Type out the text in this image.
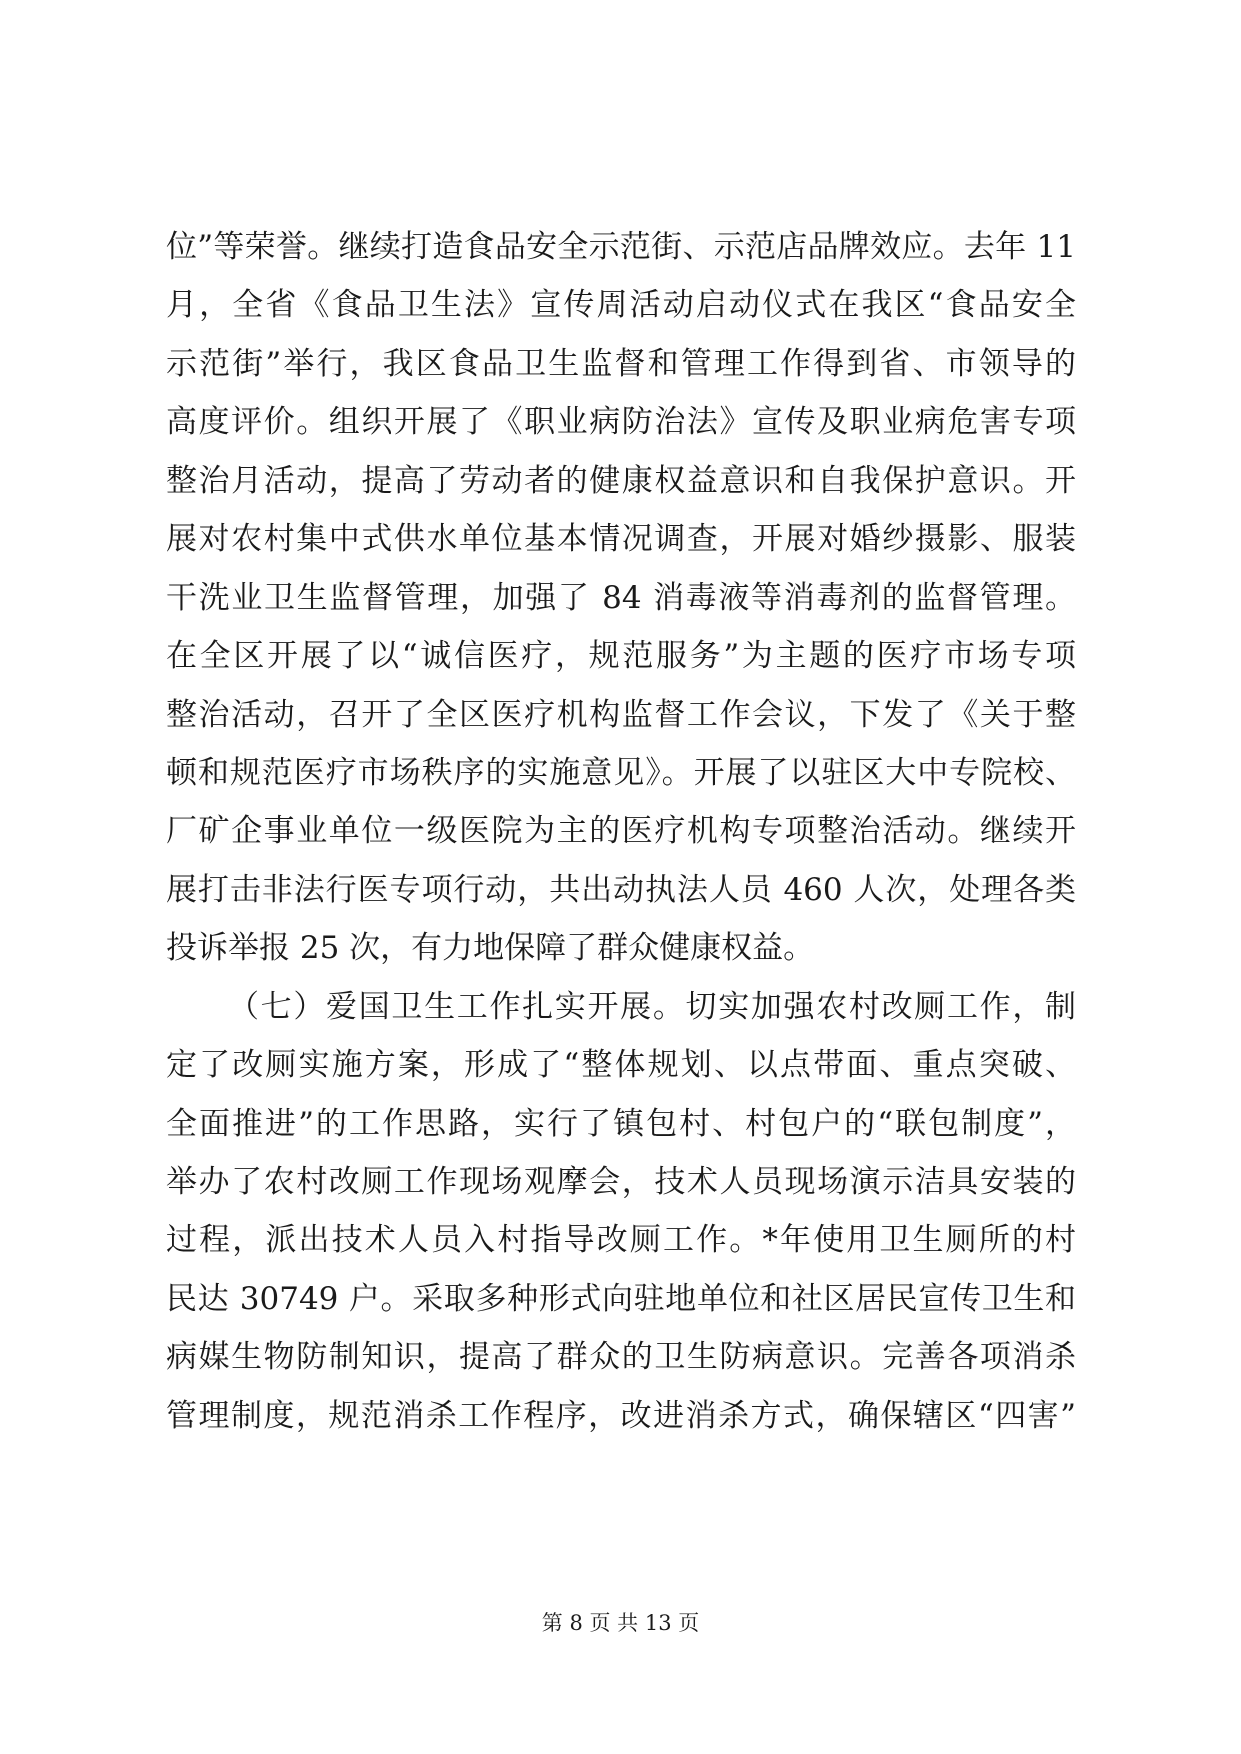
位”等荣誉。继续打造食品安全示范街、示范店品牌效应。去年 11
月，全省《食品卫生法》宣传周活动启动仪式在我区“食品安全
示范街”举行，我区食品卫生监督和管理工作得到省、市领导的
高度评价。组织开展了《职业病防治法》宣传及职业病危害专项
整治月活动，提高了劳动者的健康权益意识和自我保护意识。开
展对农村集中式供水单位基本情况调查，开展对婚纱摄影、服装
干洗业卫生监督管理，加强了 84 消毒液等消毒剂的监督管理。
在全区开展了以“诚信医疗，规范服务”为主题的医疗市场专项
整治活动，召开了全区医疗机构监督工作会议，下发了《关于整
顿和规范医疗市场秩序的实施意见》。开展了以驻区大中专院校、
厂矿企事业单位一级医院为主的医疗机构专项整治活动。继续开
展打击非法行医专项行动，共出动执法人员 460 人次，处理各类
投诉举报 25 次，有力地保障了群众健康权益。
（七）爱国卫生工作扎实开展。切实加强农村改厕工作，制
定了改厕实施方案，形成了“整体规划、以点带面、重点突破、
全面推进”的工作思路，实行了镇包村、村包户的“联包制度”，
举办了农村改厕工作现场观摩会，技术人员现场演示洁具安装的
过程，派出技术人员入村指导改厕工作。*年使用卫生厕所的村
民达 30749 户。采取多种形式向驻地单位和社区居民宣传卫生和
病媒生物防制知识，提高了群众的卫生防病意识。完善各项消杀
管理制度，规范消杀工作程序，改进消杀方式，确保辖区“四害”
第 8 页 共 13 页
